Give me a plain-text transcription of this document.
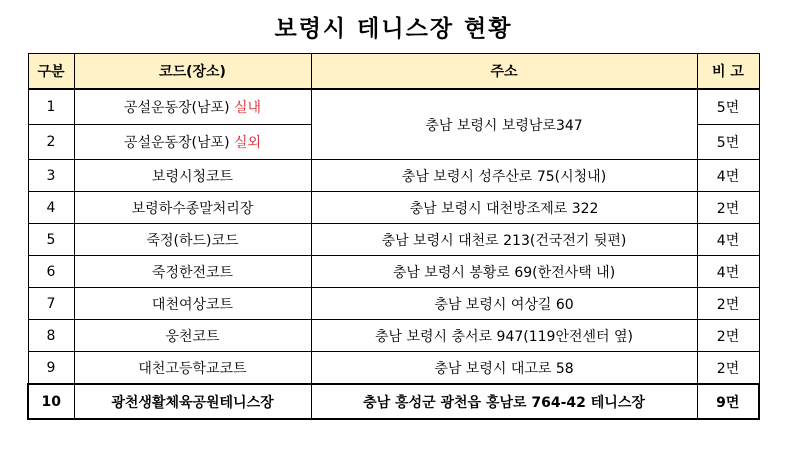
보령시 테니스장 현황
구분	코드(장소)	주소	비 고
1	공설운동장(남포) 실내	충남 보령시 보령남로347	5면
2	공설운동장(남포) 실외		5면
3	보령시청코트	충남 보령시 성주산로 75(시청내)	4면
4	보령하수종말처리장	충남 보령시 대천방조제로 322	2면
5	죽정(하드)코드	충남 보령시 대천로 213(건국전기 뒷편)	4면
6	죽정한전코트	충남 보령시 봉황로 69(한전사택 내)	4면
7	대천여상코트	충남 보령시 여상길 60	2면
8	웅천코트	충남 보령시 충서로 947(119안전센터 옆)	2면
9	대천고등학교코트	충남 보령시 대고로 58	2면
10	광천생활체육공원테니스장	충남 홍성군 광천읍 홍남로 764-42 테니스장	9면
